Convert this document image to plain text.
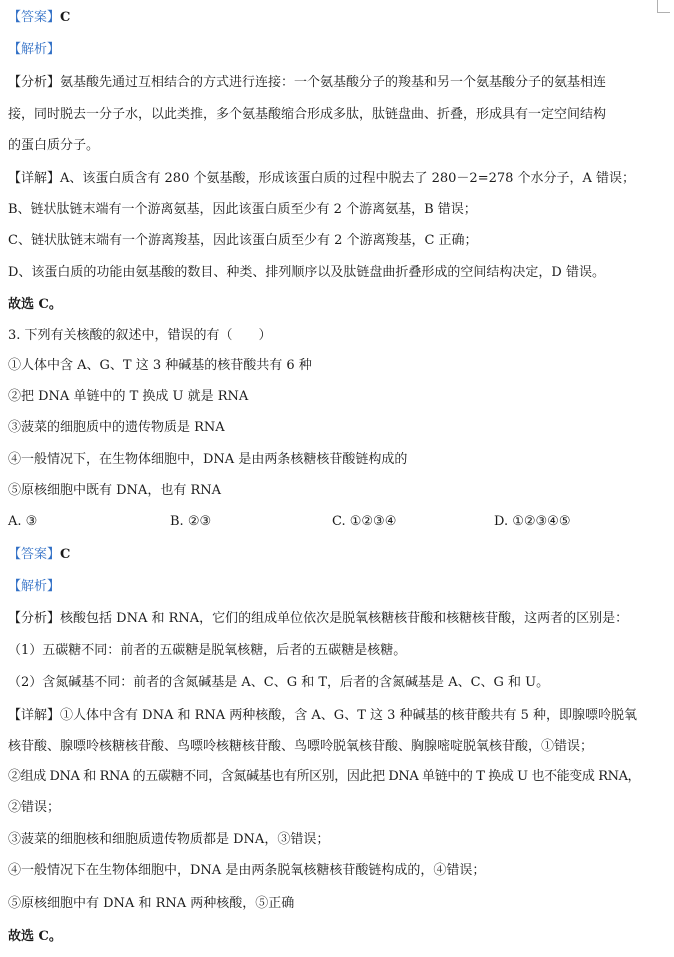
【答案】C
【解析】
【分析】氨基酸先通过互相结合的方式进行连接：一个氨基酸分子的羧基和另一个氨基酸分子的氨基相连
接，同时脱去一分子水，以此类推，多个氨基酸缩合形成多肽，肽链盘曲、折叠，形成具有一定空间结构
的蛋白质分子。
【详解】A、该蛋白质含有 280 个氨基酸，形成该蛋白质的过程中脱去了 280－2=278 个水分子，A 错误；
B、链状肽链末端有一个游离氨基，因此该蛋白质至少有 2 个游离氨基，B 错误；
C、链状肽链末端有一个游离羧基，因此该蛋白质至少有 2 个游离羧基，C 正确；
D、该蛋白质的功能由氨基酸的数目、种类、排列顺序以及肽链盘曲折叠形成的空间结构决定，D 错误。
故选 C。
3. 下列有关核酸的叙述中，错误的有（　　）
①人体中含 A、G、T 这 3 种碱基的核苷酸共有 6 种
②把 DNA 单链中的 T 换成 U 就是 RNA
③菠菜的细胞质中的遗传物质是 RNA
④一般情况下，在生物体细胞中，DNA 是由两条核糖核苷酸链构成的
⑤原核细胞中既有 DNA，也有 RNA
A. ③	B. ②③	C. ①②③④	D. ①②③④⑤
【答案】C
【解析】
【分析】核酸包括 DNA 和 RNA，它们的组成单位依次是脱氧核糖核苷酸和核糖核苷酸，这两者的区别是：
（1）五碳糖不同：前者的五碳糖是脱氧核糖，后者的五碳糖是核糖。
（2）含氮碱基不同：前者的含氮碱基是 A、C、G 和 T，后者的含氮碱基是 A、C、G 和 U。
【详解】①人体中含有 DNA 和 RNA 两种核酸，含 A、G、T 这 3 种碱基的核苷酸共有 5 种，即腺嘌呤脱氧
核苷酸、腺嘌呤核糖核苷酸、鸟嘌呤核糖核苷酸、鸟嘌呤脱氧核苷酸、胸腺嘧啶脱氧核苷酸，①错误；
②组成 DNA 和 RNA 的五碳糖不同，含氮碱基也有所区别，因此把 DNA 单链中的 T 换成 U 也不能变成 RNA，
②错误；
③菠菜的细胞核和细胞质遗传物质都是 DNA，③错误；
④一般情况下在生物体细胞中，DNA 是由两条脱氧核糖核苷酸链构成的，④错误；
⑤原核细胞中有 DNA 和 RNA 两种核酸，⑤正确
故选 C。
